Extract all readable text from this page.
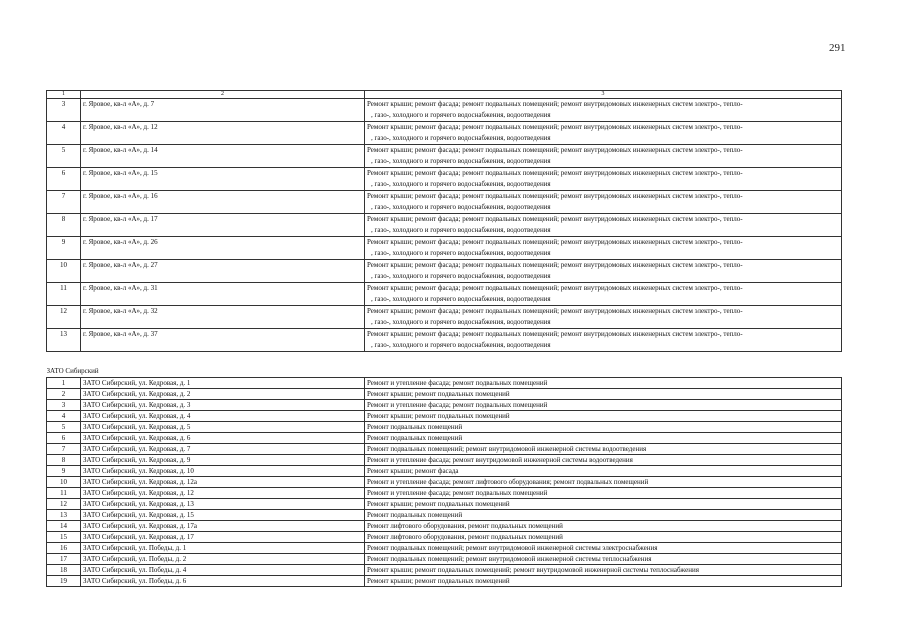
291
1	2	3
3	г. Яровое, кв-л «А», д. 7	Ремонт крыши; ремонт фасада; ремонт подвальных помещений; ремонт внутридомовых инженерных систем электро-, тепло-
, газо-, холодного и горячего водоснабжения, водоотведения

4	г. Яровое, кв-л «А», д. 12	Ремонт крыши; ремонт фасада; ремонт подвальных помещений; ремонт внутридомовых инженерных систем электро-, тепло-
, газо-, холодного и горячего водоснабжения, водоотведения

5	г. Яровое, кв-л «А», д. 14	Ремонт крыши; ремонт фасада; ремонт подвальных помещений; ремонт внутридомовых инженерных систем электро-, тепло-
, газо-, холодного и горячего водоснабжения, водоотведения

6	г. Яровое, кв-л «А», д. 15	Ремонт крыши; ремонт фасада; ремонт подвальных помещений; ремонт внутридомовых инженерных систем электро-, тепло-
, газо-, холодного и горячего водоснабжения, водоотведения

7	г. Яровое, кв-л «А», д. 16	Ремонт крыши; ремонт фасада; ремонт подвальных помещений; ремонт внутридомовых инженерных систем электро-, тепло-
, газо-, холодного и горячего водоснабжения, водоотведения

8	г. Яровое, кв-л «А», д. 17	Ремонт крыши; ремонт фасада; ремонт подвальных помещений; ремонт внутридомовых инженерных систем электро-, тепло-
, газо-, холодного и горячего водоснабжения, водоотведения

9	г. Яровое, кв-л «А», д. 26	Ремонт крыши; ремонт фасада; ремонт подвальных помещений; ремонт внутридомовых инженерных систем электро-, тепло-
, газо-, холодного и горячего водоснабжения, водоотведения

10	г. Яровое, кв-л «А», д. 27	Ремонт крыши; ремонт фасада; ремонт подвальных помещений; ремонт внутридомовых инженерных систем электро-, тепло-
, газо-, холодного и горячего водоснабжения, водоотведения

11	г. Яровое, кв-л «А», д. 31	Ремонт крыши; ремонт фасада; ремонт подвальных помещений; ремонт внутридомовых инженерных систем электро-, тепло-
, газо-, холодного и горячего водоснабжения, водоотведения

12	г. Яровое, кв-л «А», д. 32	Ремонт крыши; ремонт фасада; ремонт подвальных помещений; ремонт внутридомовых инженерных систем электро-, тепло-
, газо-, холодного и горячего водоснабжения, водоотведения

13	г. Яровое, кв-л «А», д. 37	Ремонт крыши; ремонт фасада; ремонт подвальных помещений; ремонт внутридомовых инженерных систем электро-, тепло-
, газо-, холодного и горячего водоснабжения, водоотведения

ЗАТО Сибирский		
1	ЗАТО Сибирский, ул. Кедровая, д. 1	Ремонт и утепление фасада; ремонт подвальных помещений
2	ЗАТО Сибирский, ул. Кедровая, д. 2	Ремонт крыши; ремонт подвальных помещений
3	ЗАТО Сибирский, ул. Кедровая, д. 3	Ремонт и утепление фасада; ремонт подвальных помещений
4	ЗАТО Сибирский, ул. Кедровая, д. 4	Ремонт крыши; ремонт подвальных помещений
5	ЗАТО Сибирский, ул. Кедровая, д. 5	Ремонт подвальных помещений
6	ЗАТО Сибирский, ул. Кедровая, д. 6	Ремонт подвальных помещений
7	ЗАТО Сибирский, ул. Кедровая, д. 7	Ремонт подвальных помещений; ремонт внутридомовой инженерной системы водоотведения
8	ЗАТО Сибирский, ул. Кедровая, д. 9	Ремонт и утепление фасада; ремонт внутридомовой инженерной системы водоотведения
9	ЗАТО Сибирский, ул. Кедровая, д. 10	Ремонт крыши; ремонт фасада
10	ЗАТО Сибирский, ул. Кедровая, д. 12а	Ремонт и утепление фасада; ремонт лифтового оборудования; ремонт подвальных помещений
11	ЗАТО Сибирский, ул. Кедровая, д. 12	Ремонт и утепление фасада; ремонт подвальных помещений
12	ЗАТО Сибирский, ул. Кедровая, д. 13	Ремонт крыши; ремонт подвальных помещений
13	ЗАТО Сибирский, ул. Кедровая, д. 15	Ремонт подвальных помещений
14	ЗАТО Сибирский, ул. Кедровая, д. 17а	Ремонт лифтового оборудования, ремонт подвальных помещений
15	ЗАТО Сибирский, ул. Кедровая, д. 17	Ремонт лифтового оборудования, ремонт подвальных помещений
16	ЗАТО Сибирский, ул. Победы, д. 1	Ремонт подвальных помещений; ремонт внутридомовой инженерной системы электроснабжения
17	ЗАТО Сибирский, ул. Победы, д. 2	Ремонт подвальных помещений; ремонт внутридомовой инженерной системы теплоснабжения
18	ЗАТО Сибирский, ул. Победы, д. 4	Ремонт крыши; ремонт подвальных помещений; ремонт внутридомовой инженерной системы теплоснабжения
19	ЗАТО Сибирский, ул. Победы, д. 6	Ремонт крыши; ремонт подвальных помещений
